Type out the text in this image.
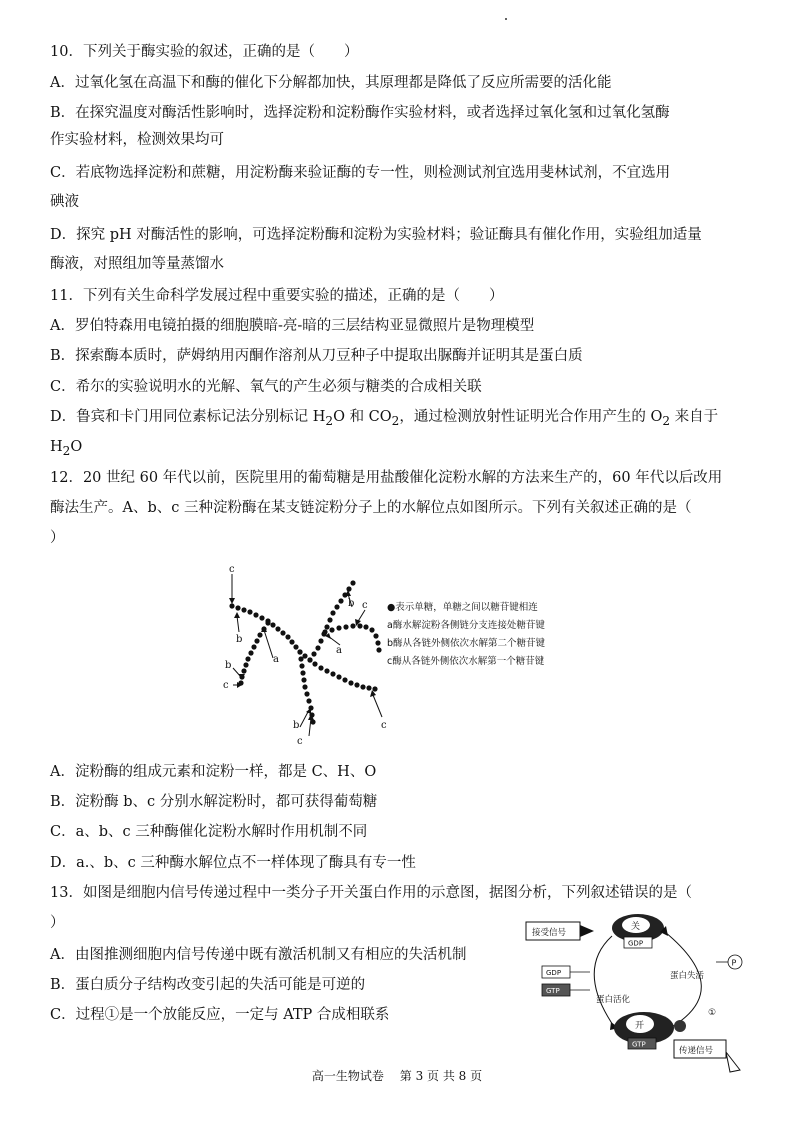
10．下列关于酶实验的叙述，正确的是（　　）
A．过氧化氢在高温下和酶的催化下分解都加快，其原理都是降低了反应所需要的活化能
B．在探究温度对酶活性影响时，选择淀粉和淀粉酶作实验材料，或者选择过氧化氢和过氧化氢酶
作实验材料，检测效果均可
C．若底物选择淀粉和蔗糖，用淀粉酶来验证酶的专一性，则检测试剂宜选用斐林试剂，不宜选用
碘液
D．探究 pH 对酶活性的影响，可选择淀粉酶和淀粉为实验材料；验证酶具有催化作用，实验组加适量
酶液，对照组加等量蒸馏水
11．下列有关生命科学发展过程中重要实验的描述，正确的是（　　）
A．罗伯特森用电镜拍摄的细胞膜暗-亮-暗的三层结构亚显微照片是物理模型
B．探索酶本质时，萨姆纳用丙酮作溶剂从刀豆种子中提取出脲酶并证明其是蛋白质
C．希尔的实验说明水的光解、氧气的产生必须与糖类的合成相关联
D．鲁宾和卡门用同位素标记法分别标记 $H_2O$ 和 $CO_2$，通过检测放射性证明光合作用产生的 $O_2$ 来自于
$H_2O$
12．20 世纪 60 年代以前，医院里用的葡萄糖是用盐酸催化淀粉水解的方法来生产的，60 年代以后改用
酶法生产。A、b、c 三种淀粉酶在某支链淀粉分子上的水解位点如图所示。下列有关叙述正确的是（
）
c
b
b
c
a
a
b c
b
c
c
●表示单糖，单糖之间以糖苷键相连
a酶水解淀粉各侧链分支连接处糖苷键
b酶从各链外侧依次水解第二个糖苷键
c酶从各链外侧依次水解第一个糖苷键
A．淀粉酶的组成元素和淀粉一样，都是 C、H、O
B．淀粉酶 b、c 分别水解淀粉时，都可获得葡萄糖
C．a、b、c 三种酶催化淀粉水解时作用机制不同
D．a.、b、c 三种酶水解位点不一样体现了酶具有专一性
13．如图是细胞内信号传递过程中一类分子开关蛋白作用的示意图，据图分析，下列叙述错误的是（
）
A．由图推测细胞内信号传递中既有激活机制又有相应的失活机制
B．蛋白质分子结构改变引起的失活可能是可逆的
C．过程①是一个放能反应，一定与 ATP 合成相联系
接受信号
关
GDP
GDP
GTP
蛋白活化
蛋白失活
P
①
开
GTP
传递信号
高一生物试卷 第 3 页 共 8 页
